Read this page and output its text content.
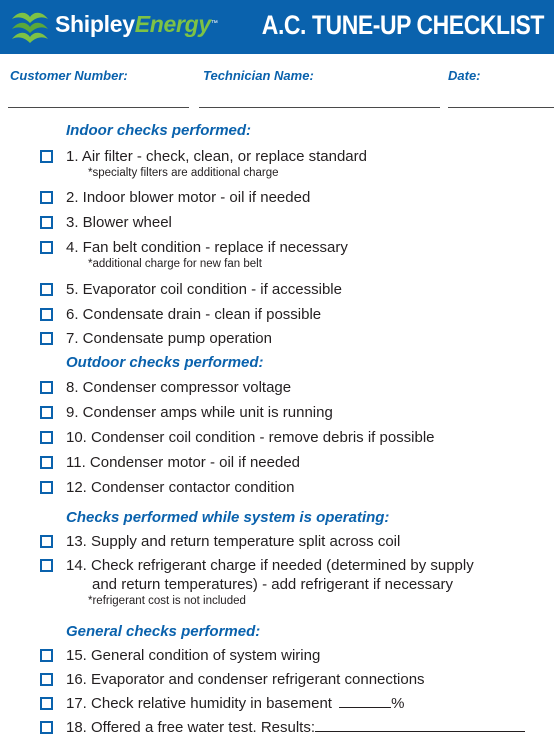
ShipleyEnergy™ A.C. TUNE-UP CHECKLIST
Customer Number:	Technician Name:	Date:
Indoor checks performed:
1. Air filter - check, clean, or replace standard
*specialty filters are additional charge
2. Indoor blower motor - oil if needed
3. Blower wheel
4. Fan belt condition - replace if necessary
*additional charge for new fan belt
5. Evaporator coil condition - if accessible
6. Condensate drain - clean if possible
7. Condensate pump operation
Outdoor checks performed:
8. Condenser compressor voltage
9. Condenser amps while unit is running
10. Condenser coil condition - remove debris if possible
11. Condenser motor - oil if needed
12. Condenser contactor condition
Checks performed while system is operating:
13. Supply and return temperature split across coil
14. Check refrigerant charge if needed (determined by supply
and return temperatures) - add refrigerant if necessary
*refrigerant cost is not included
General checks performed:
15. General condition of system wiring
16. Evaporator and condenser refrigerant connections
17. Check relative humidity in basement	%
18. Offered a free water test. Results:
